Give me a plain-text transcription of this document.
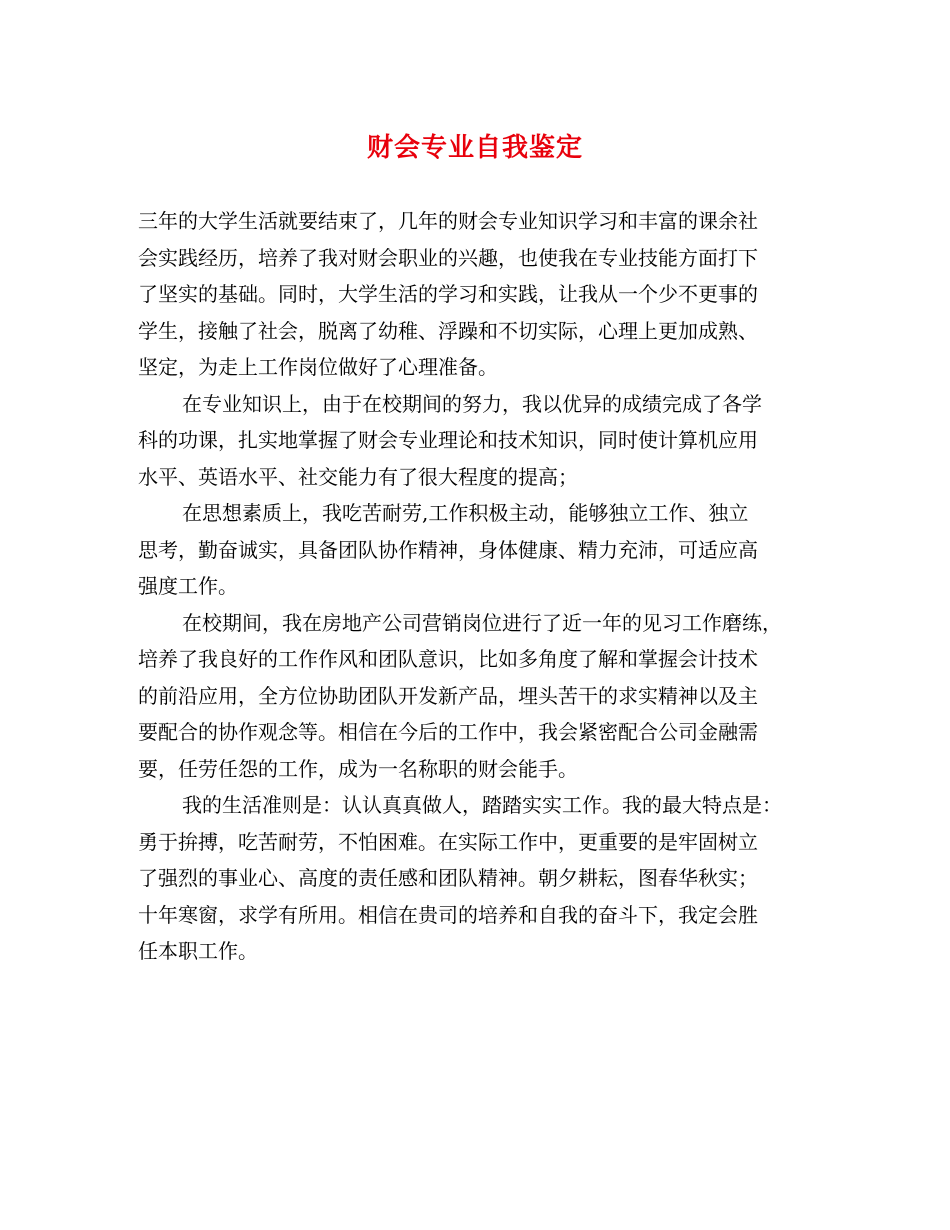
财会专业自我鉴定
三年的大学生活就要结束了，几年的财会专业知识学习和丰富的课余社
会实践经历，培养了我对财会职业的兴趣，也使我在专业技能方面打下
了坚实的基础。同时，大学生活的学习和实践，让我从一个少不更事的
学生，接触了社会，脱离了幼稚、浮躁和不切实际，心理上更加成熟、
坚定，为走上工作岗位做好了心理准备。
在专业知识上，由于在校期间的努力，我以优异的成绩完成了各学
科的功课，扎实地掌握了财会专业理论和技术知识，同时使计算机应用
水平、英语水平、社交能力有了很大程度的提高；
在思想素质上，我吃苦耐劳,工作积极主动，能够独立工作、独立
思考，勤奋诚实，具备团队协作精神，身体健康、精力充沛，可适应高
强度工作。
在校期间，我在房地产公司营销岗位进行了近一年的见习工作磨练，
培养了我良好的工作作风和团队意识，比如多角度了解和掌握会计技术
的前沿应用，全方位协助团队开发新产品，埋头苦干的求实精神以及主
要配合的协作观念等。相信在今后的工作中，我会紧密配合公司金融需
要，任劳任怨的工作，成为一名称职的财会能手。
我的生活准则是：认认真真做人，踏踏实实工作。我的最大特点是：
勇于拚搏，吃苦耐劳，不怕困难。在实际工作中，更重要的是牢固树立
了强烈的事业心、高度的责任感和团队精神。朝夕耕耘，图春华秋实；
十年寒窗，求学有所用。相信在贵司的培养和自我的奋斗下，我定会胜
任本职工作。
